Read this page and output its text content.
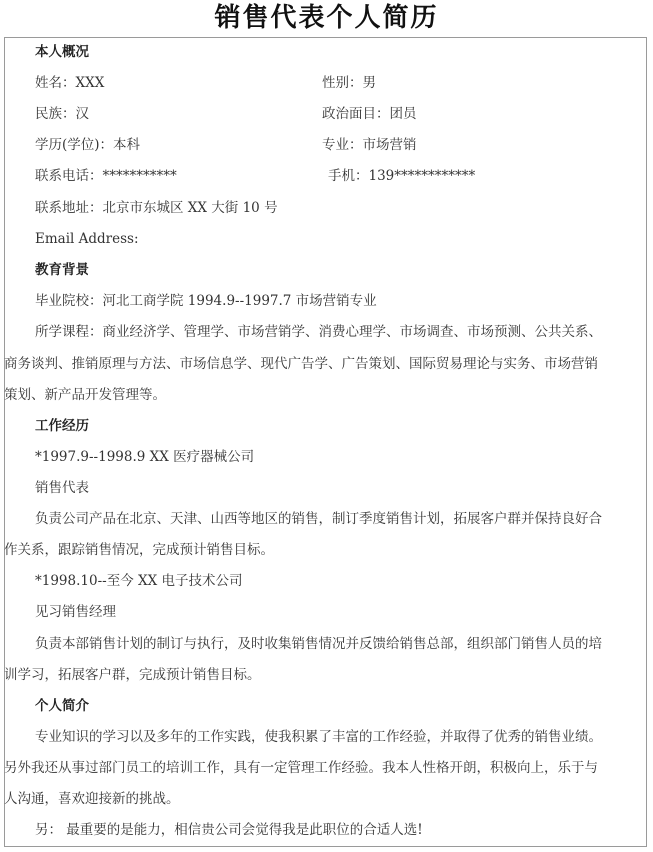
销售代表个人简历
本人概况
姓名：XXX	性别：男
民族：汉	政治面目：团员
学历(学位)：本科	专业：市场营销
联系电话：***********	手机：139************
联系地址：北京市东城区 XX 大街 10 号
Email Address:
教育背景
毕业院校：河北工商学院 1994.9--1997.7 市场营销专业
所学课程：商业经济学、管理学、市场营销学、消费心理学、市场调查、市场预测、公共关系、
商务谈判、推销原理与方法、市场信息学、现代广告学、广告策划、国际贸易理论与实务、市场营销
策划、新产品开发管理等。
工作经历
*1997.9--1998.9 XX 医疗器械公司
销售代表
负责公司产品在北京、天津、山西等地区的销售，制订季度销售计划，拓展客户群并保持良好合
作关系，跟踪销售情况，完成预计销售目标。
*1998.10--至今 XX 电子技术公司
见习销售经理
负责本部销售计划的制订与执行，及时收集销售情况并反馈给销售总部，组织部门销售人员的培
训学习，拓展客户群，完成预计销售目标。
个人简介
专业知识的学习以及多年的工作实践，使我积累了丰富的工作经验，并取得了优秀的销售业绩。
另外我还从事过部门员工的培训工作，具有一定管理工作经验。我本人性格开朗，积极向上，乐于与
人沟通，喜欢迎接新的挑战。
另： 最重要的是能力，相信贵公司会觉得我是此职位的合适人选!
